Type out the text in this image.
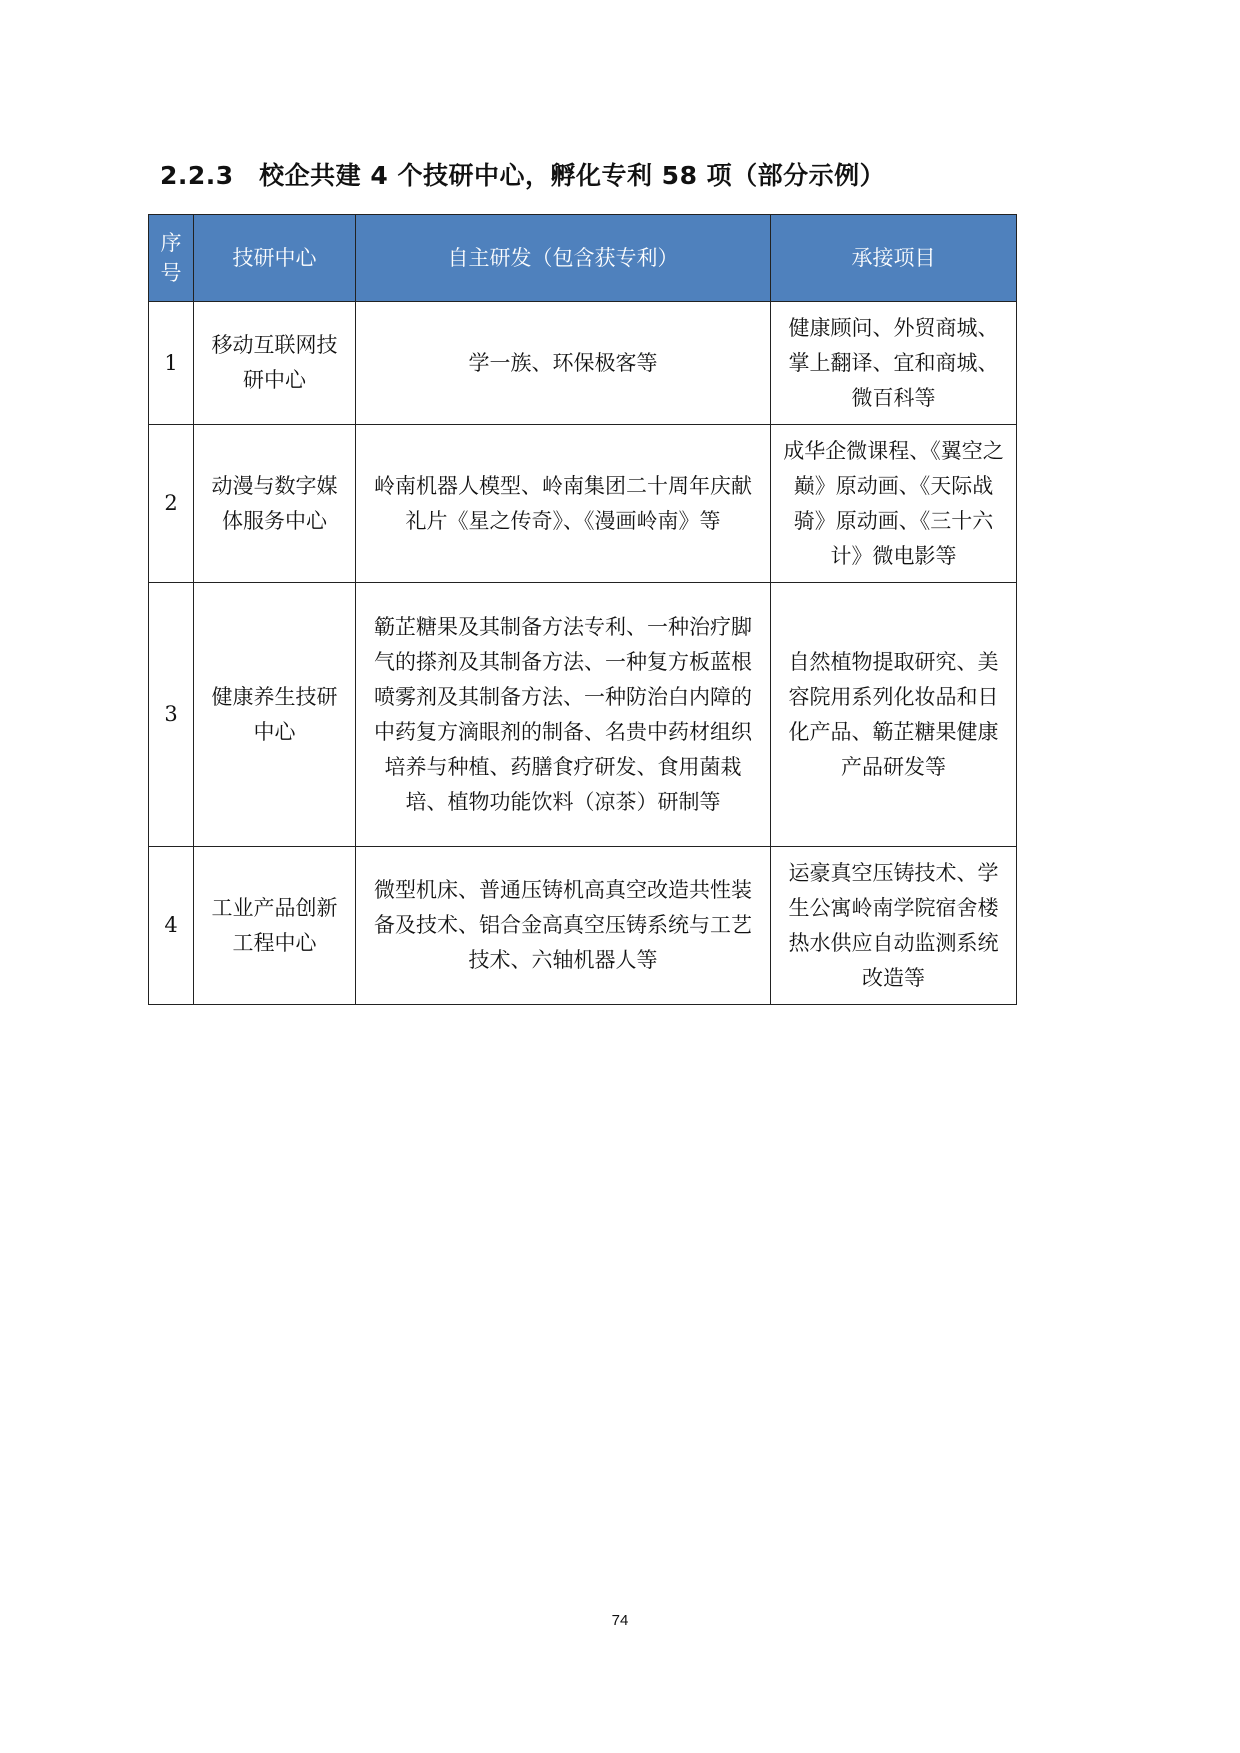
2.2.3　校企共建 4 个技研中心，孵化专利 58 项（部分示例）
序号	技研中心	自主研发（包含获专利）	承接项目
1	移动互联网技研中心	学一族、环保极客等	健康顾问、外贸商城、掌上翻译、宜和商城、微百科等
2	动漫与数字媒体服务中心	岭南机器人模型、岭南集团二十周年庆献礼片《星之传奇》、《漫画岭南》等	成华企微课程、《翼空之巅》原动画、《天际战骑》原动画、《三十六计》微电影等
3	健康养生技研中心	簕芷糖果及其制备方法专利、一种治疗脚气的搽剂及其制备方法、一种复方板蓝根喷雾剂及其制备方法、一种防治白内障的中药复方滴眼剂的制备、名贵中药材组织培养与种植、药膳食疗研发、食用菌栽培、植物功能饮料（凉茶）研制等	自然植物提取研究、美容院用系列化妆品和日化产品、簕芷糖果健康产品研发等
4	工业产品创新工程中心	微型机床、普通压铸机高真空改造共性装备及技术、铝合金高真空压铸系统与工艺技术、六轴机器人等	运豪真空压铸技术、学生公寓岭南学院宿舍楼热水供应自动监测系统改造等
74
